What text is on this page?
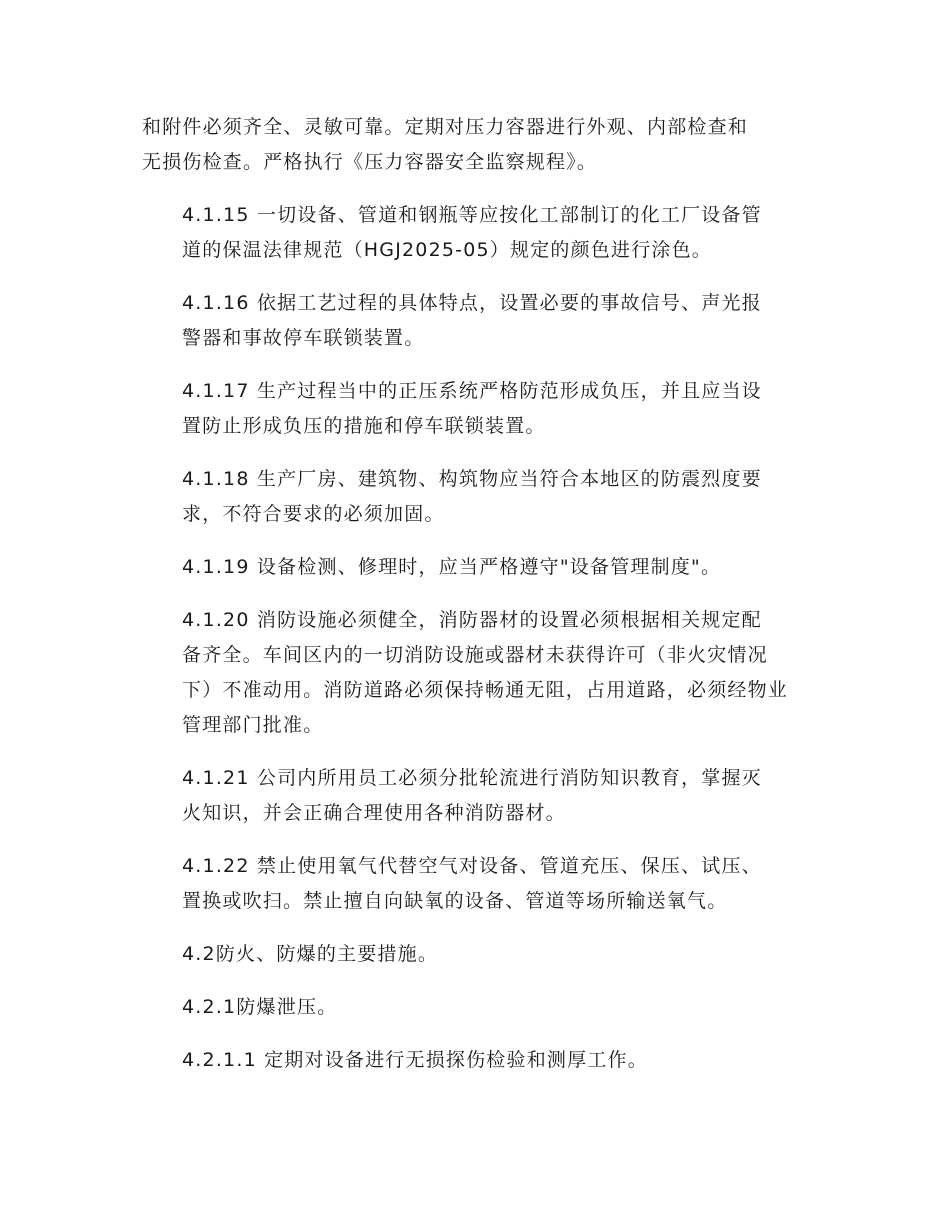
和附件必须齐全、灵敏可靠。定期对压力容器进行外观、内部检查和
无损伤检查。严格执行《压力容器安全监察规程》。

4.1.15 一切设备、管道和钢瓶等应按化工部制订的化工厂设备管
道的保温法律规范（HGJ2025-05）规定的颜色进行涂色。

4.1.16 依据工艺过程的具体特点，设置必要的事故信号、声光报
警器和事故停车联锁装置。

4.1.17 生产过程当中的正压系统严格防范形成负压，并且应当设
置防止形成负压的措施和停车联锁装置。

4.1.18 生产厂房、建筑物、构筑物应当符合本地区的防震烈度要
求，不符合要求的必须加固。

4.1.19 设备检测、修理时，应当严格遵守"设备管理制度"。

4.1.20 消防设施必须健全，消防器材的设置必须根据相关规定配
备齐全。车间区内的一切消防设施或器材未获得许可（非火灾情况
下）不准动用。消防道路必须保持畅通无阻，占用道路，必须经物业
管理部门批准。

4.1.21 公司内所用员工必须分批轮流进行消防知识教育，掌握灭
火知识，并会正确合理使用各种消防器材。

4.1.22 禁止使用氧气代替空气对设备、管道充压、保压、试压、
置换或吹扫。禁止擅自向缺氧的设备、管道等场所输送氧气。

4.2防火、防爆的主要措施。

4.2.1防爆泄压。

4.2.1.1 定期对设备进行无损探伤检验和测厚工作。
